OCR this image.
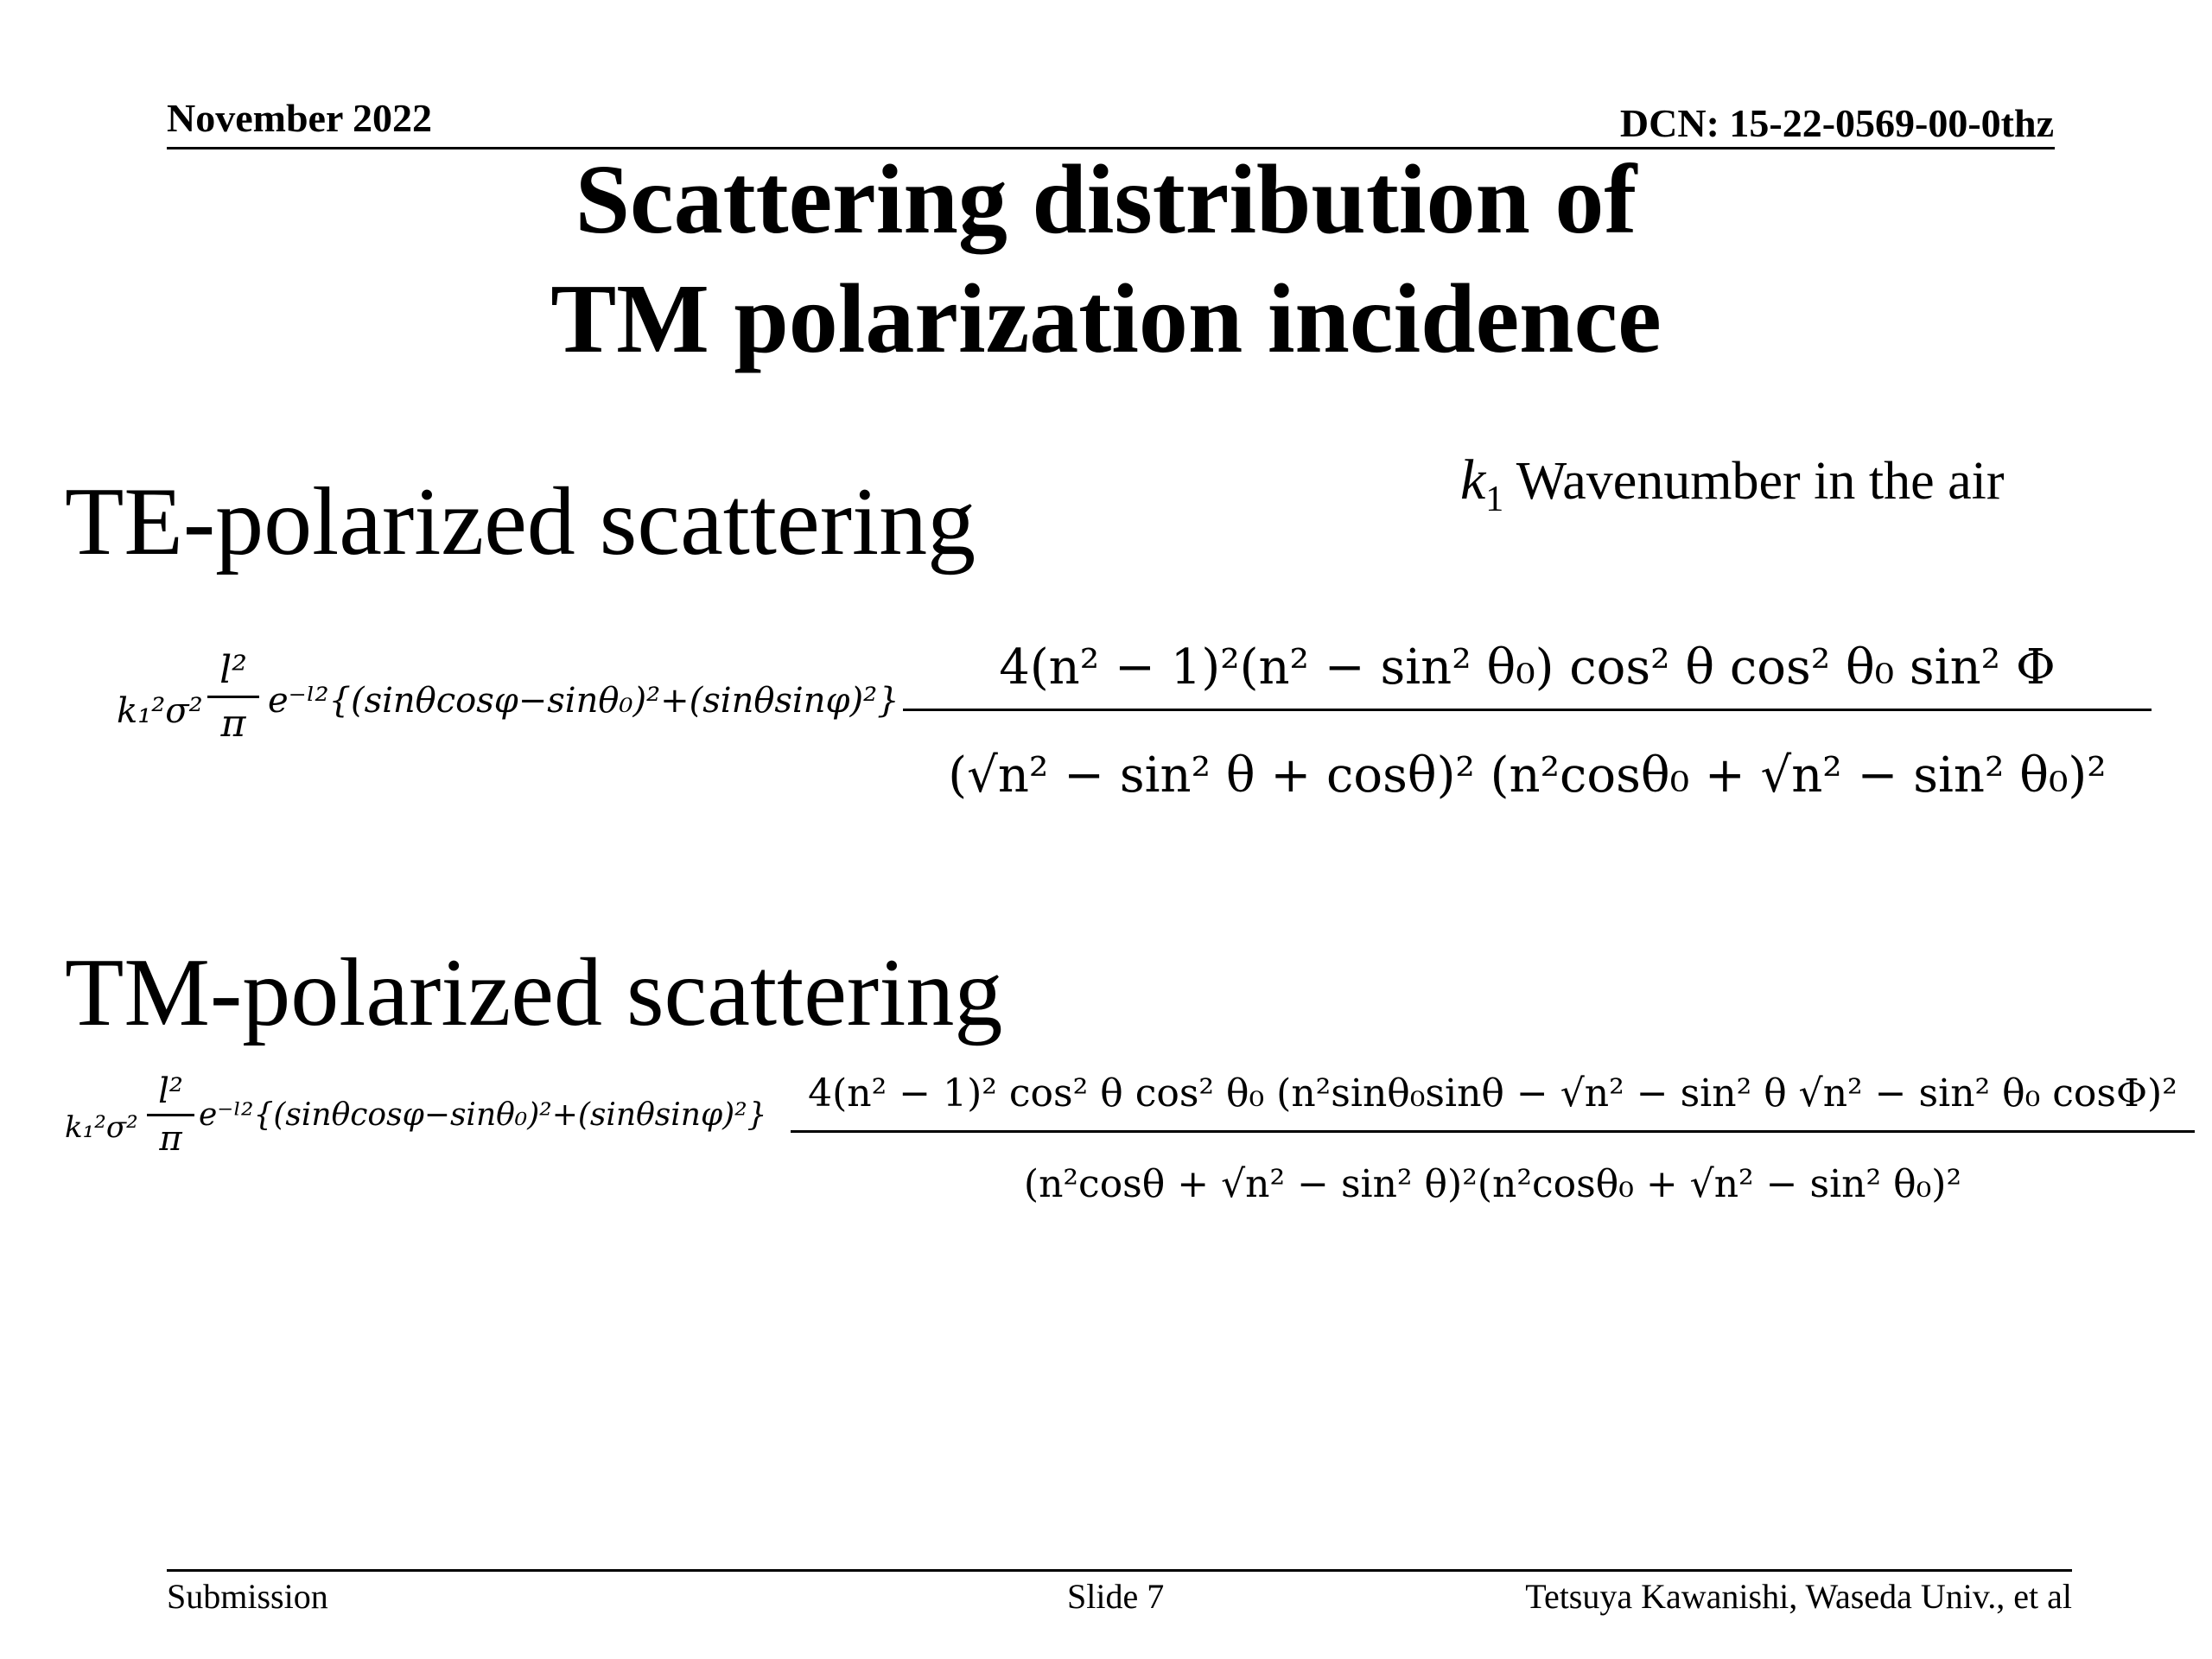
November 2022	DCN: 15-22-0569-00-0thz
Scattering distribution of
TM polarization incidence
$k_1$ Wavenumber in the air
TE-polarized scattering
k₁²σ²
l²
π
e⁻ˡ²{(sinθcosφ−sinθ₀)²+(sinθsinφ)²}
4(n² − 1)²(n² − sin² θ₀) cos² θ cos² θ₀ sin² Φ
(√n² − sin² θ + cosθ)² (n²cosθ₀ + √n² − sin² θ₀)²
TM-polarized scattering
k₁²σ²
l²
π
e⁻ˡ²{(sinθcosφ−sinθ₀)²+(sinθsinφ)²}	4(n² − 1)² cos² θ cos² θ₀ (n²sinθ₀sinθ − √n² − sin² θ √n² − sin² θ₀ cosΦ)²
(n²cosθ + √n² − sin² θ)²(n²cosθ₀ + √n² − sin² θ₀)²
Submission	Slide 7	Tetsuya Kawanishi, Waseda Univ., et al
